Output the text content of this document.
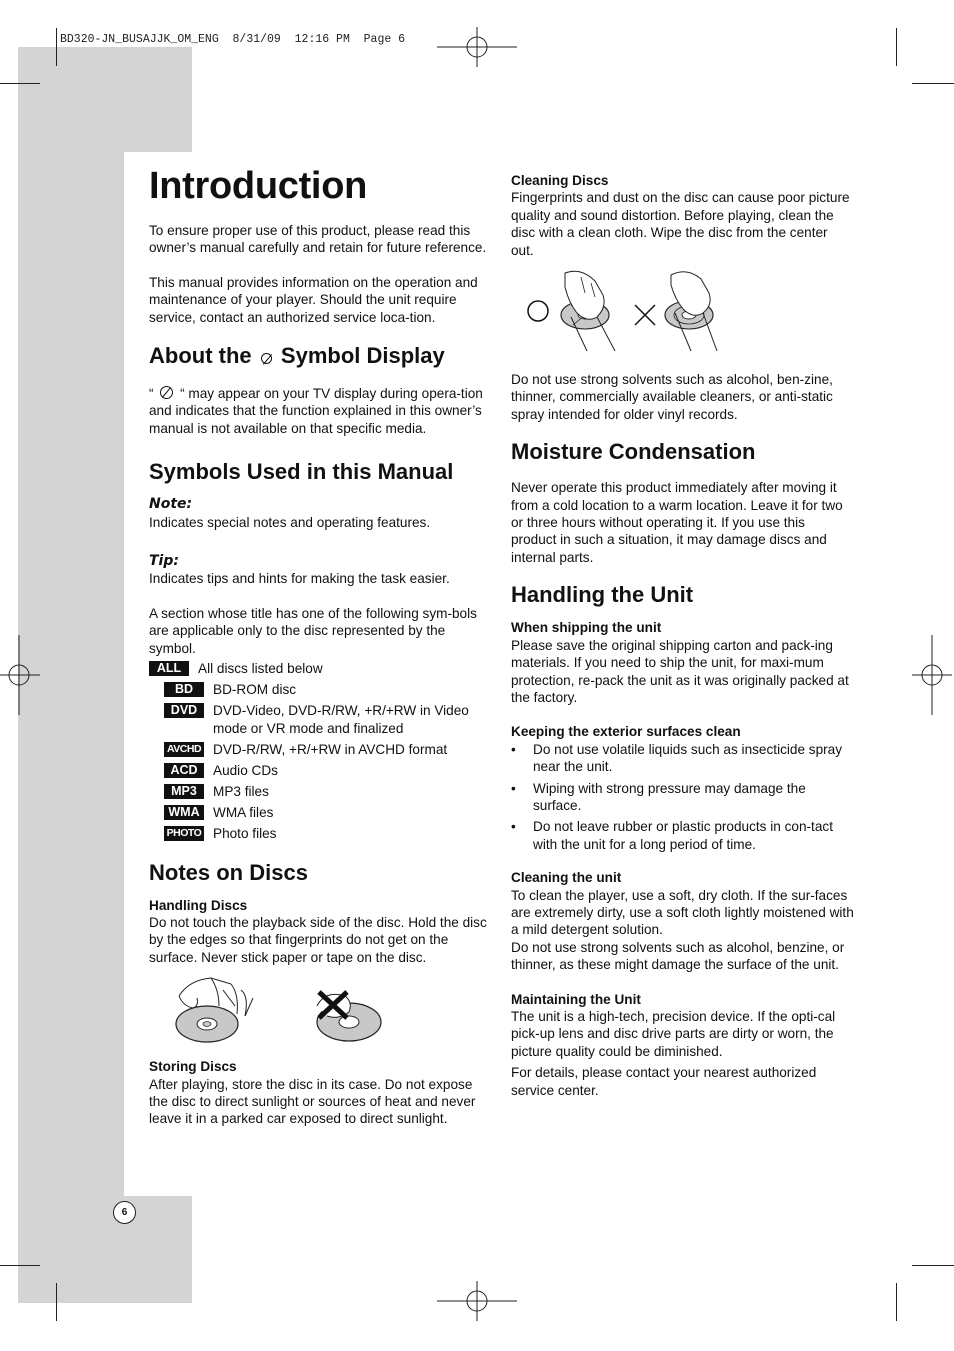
BD320-JN_BUSAJJK_OM_ENG  8/31/09  12:16 PM  Page 6
Introduction

To ensure proper use of this product, please read this owner’s manual carefully and retain for future reference.

This manual provides information on the operation and maintenance of your player. Should the unit require service, contact an authorized service loca-tion.

About the Symbol Display

“ “ may appear on your TV display during opera-tion and indicates that the function explained in this owner’s manual is not available on that specific media.

Symbols Used in this Manual
Note:

Indicates special notes and operating features.

Tip:

Indicates tips and hints for making the task easier.

A section whose title has one of the following sym-bols are applicable only to the disc represented by the symbol.

ALL	All discs listed below
BD	BD-ROM disc
DVD	DVD-Video, DVD-R/RW, +R/+RW in Video mode or VR mode and finalized
AVCHD DVD-R/RW, +R/+RW in AVCHD format
ACD	Audio CDs
MP3	MP3 files
WMA WMA files
PHOTO Photo files
Notes on Discs
Handling Discs

Do not touch the playback side of the disc. Hold the disc by the edges so that fingerprints do not get on the surface. Never stick paper or tape on the disc.

Storing Discs

After playing, store the disc in its case. Do not expose the disc to direct sunlight or sources of heat and never leave it in a parked car exposed to direct sunlight.

Cleaning Discs

Fingerprints and dust on the disc can cause poor picture quality and sound distortion. Before playing, clean the disc with a clean cloth. Wipe the disc from the center out.

Do not use strong solvents such as alcohol, ben-zine, thinner, commercially available cleaners, or anti-static spray intended for older vinyl records.

Moisture Condensation

Never operate this product immediately after moving it from a cold location to a warm location. Leave it for two or three hours without operating it. If you use this product in such a situation, it may damage discs and internal parts.

Handling the Unit
When shipping the unit

Please save the original shipping carton and pack-ing materials. If you need to ship the unit, for maxi-mum protection, re-pack the unit as it was originally packed at the factory.

Keeping the exterior surfaces clean
• Do not use volatile liquids such as insecticide spray near the unit.
• Wiping with strong pressure may damage the surface.
• Do not leave rubber or plastic products in con-tact with the unit for a long period of time.
Cleaning the unit

To clean the player, use a soft, dry cloth. If the sur-faces are extremely dirty, use a soft cloth lightly moistened with a mild detergent solution.

Do not use strong solvents such as alcohol, benzine, or thinner, as these might damage the surface of the unit.

Maintaining the Unit

The unit is a high-tech, precision device. If the opti-cal pick-up lens and disc drive parts are dirty or worn, the picture quality could be diminished.

For details, please contact your nearest authorized service center.

6
